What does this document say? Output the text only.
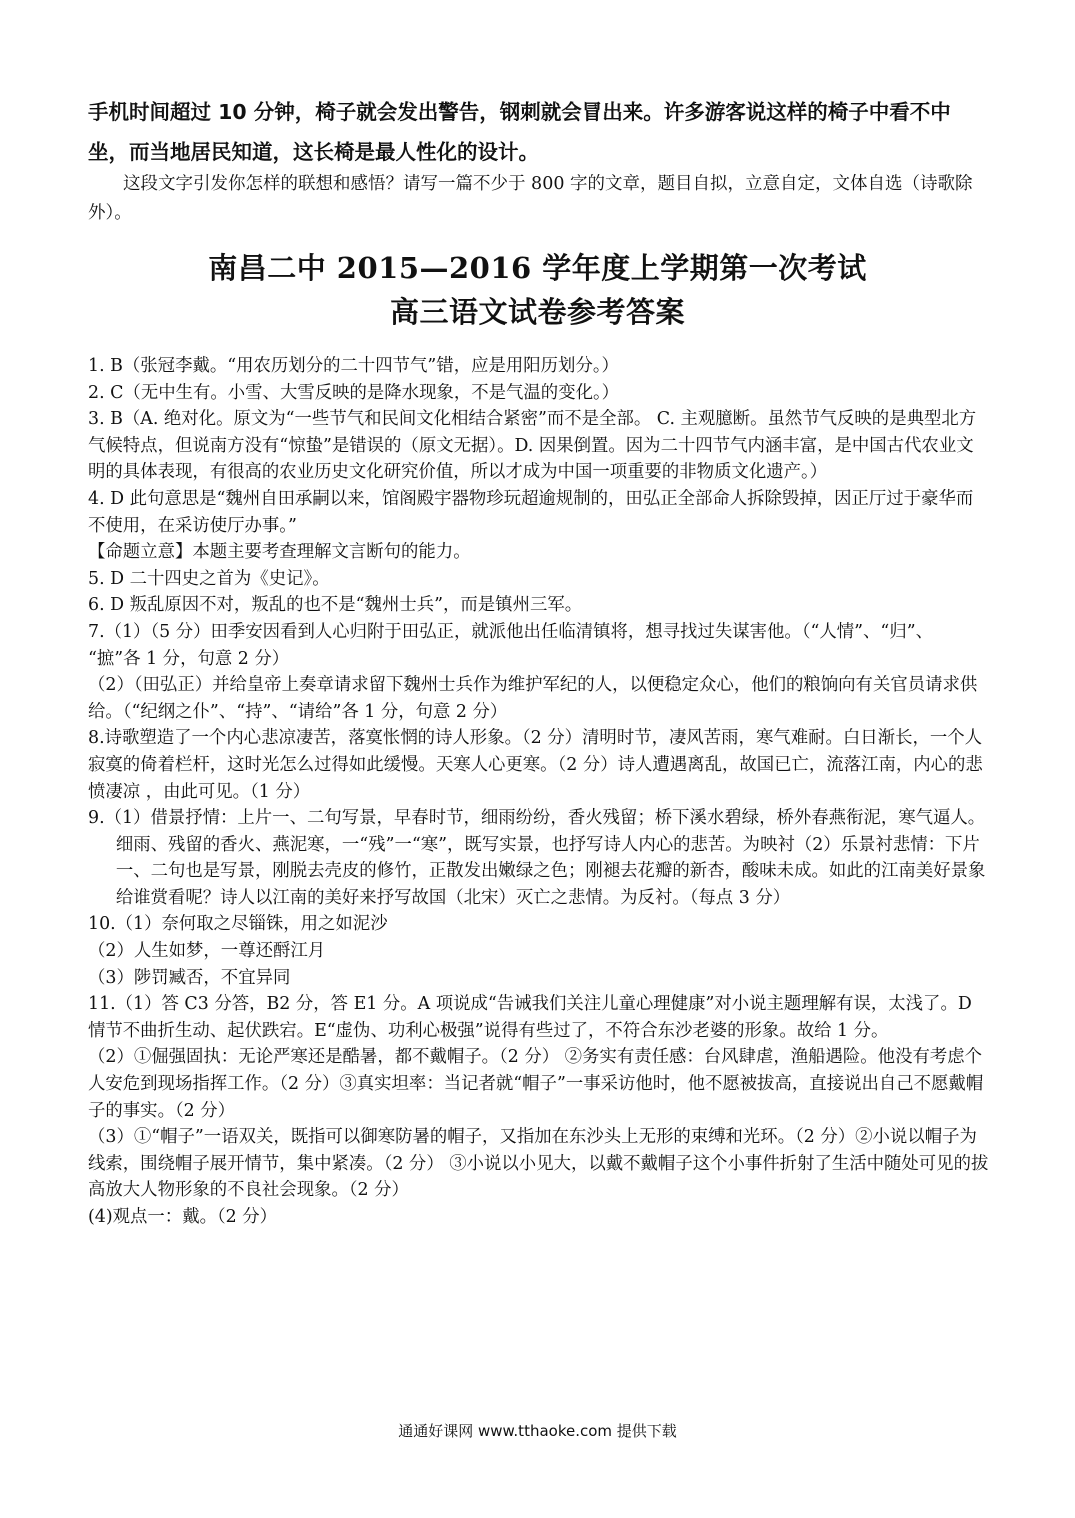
手机时间超过 10 分钟，椅子就会发出警告，钢刺就会冒出来。许多游客说这样的椅子中看不中坐，而当地居民知道，这长椅是最人性化的设计。
这段文字引发你怎样的联想和感悟？请写一篇不少于 800 字的文章，题目自拟，立意自定，文体自选（诗歌除外）。
南昌二中 2015—2016 学年度上学期第一次考试
高三语文试卷参考答案

1. B（张冠李戴。“用农历划分的二十四节气”错，应是用阳历划分。）

2. C（无中生有。小雪、大雪反映的是降水现象，不是气温的变化。）

3. B（A. 绝对化。原文为“一些节气和民间文化相结合紧密”而不是全部。 C. 主观臆断。虽然节气反映的是典型北方气候特点，但说南方没有“惊蛰”是错误的（原文无据）。D. 因果倒置。因为二十四节气内涵丰富，是中国古代农业文明的具体表现，有很高的农业历史文化研究价值，所以才成为中国一项重要的非物质文化遗产。）

4. D 此句意思是“魏州自田承嗣以来，馆阁殿宇器物珍玩超逾规制的，田弘正全部命人拆除毁掉，因正厅过于豪华而不使用，在采访使厅办事。”

【命题立意】本题主要考查理解文言断句的能力。

5. D 二十四史之首为《史记》。

6. D 叛乱原因不对，叛乱的也不是“魏州士兵”，而是镇州三军。

7.（1）（5 分）田季安因看到人心归附于田弘正，就派他出任临清镇将，想寻找过失谋害他。（“人情”、“归”、 “摭”各 1 分，句意 2 分）

（2）（田弘正）并给皇帝上奏章请求留下魏州士兵作为维护军纪的人，以便稳定众心，他们的粮饷向有关官员请求供给。（“纪纲之仆”、“持”、“请给”各 1 分，句意 2 分）

8.诗歌塑造了一个内心悲凉凄苦，落寞怅惘的诗人形象。（2 分）清明时节，凄风苦雨，寒气难耐。白日渐长，一个人寂寞的倚着栏杆，这时光怎么过得如此缓慢。天寒人心更寒。（2 分）诗人遭遇离乱，故国已亡，流落江南，内心的悲愤凄凉 ，由此可见。（1 分）

9.（1）借景抒情：上片一、二句写景，早春时节，细雨纷纷，香火残留；桥下溪水碧绿，桥外春燕衔泥，寒气逼人。细雨、残留的香火、燕泥寒，一“残”一“寒”，既写实景，也抒写诗人内心的悲苦。为映衬（2）乐景衬悲情：下片一、二句也是写景，刚脱去壳皮的修竹，正散发出嫩绿之色；刚褪去花瓣的新杏，酸味未成。如此的江南美好景象给谁赏看呢？诗人以江南的美好来抒写故国（北宋）灭亡之悲情。为反衬。（每点 3 分）

10.（1）奈何取之尽锱铢，用之如泥沙

（2）人生如梦，一尊还酹江月

（3）陟罚臧否，不宜异同

11.（1）答 C3 分答，B2 分，答 E1 分。A 项说成“告诫我们关注儿童心理健康”对小说主题理解有误，太浅了。D 情节不曲折生动、起伏跌宕。E“虚伪、功利心极强”说得有些过了，不符合东沙老婆的形象。故给 1 分。

（2）①倔强固执：无论严寒还是酷暑，都不戴帽子。（2 分） ②务实有责任感：台风肆虐，渔船遇险。他没有考虑个人安危到现场指挥工作。（2 分）③真实坦率：当记者就“帽子”一事采访他时，他不愿被拔高，直接说出自己不愿戴帽子的事实。（2 分）

（3）①“帽子”一语双关，既指可以御寒防暑的帽子，又指加在东沙头上无形的束缚和光环。（2 分）②小说以帽子为线索，围绕帽子展开情节，集中紧凑。（2 分） ③小说以小见大，以戴不戴帽子这个小事件折射了生活中随处可见的拔高放大人物形象的不良社会现象。（2 分）

(4)观点一：戴。（2 分）

通通好课网 www.tthaoke.com 提供下载
